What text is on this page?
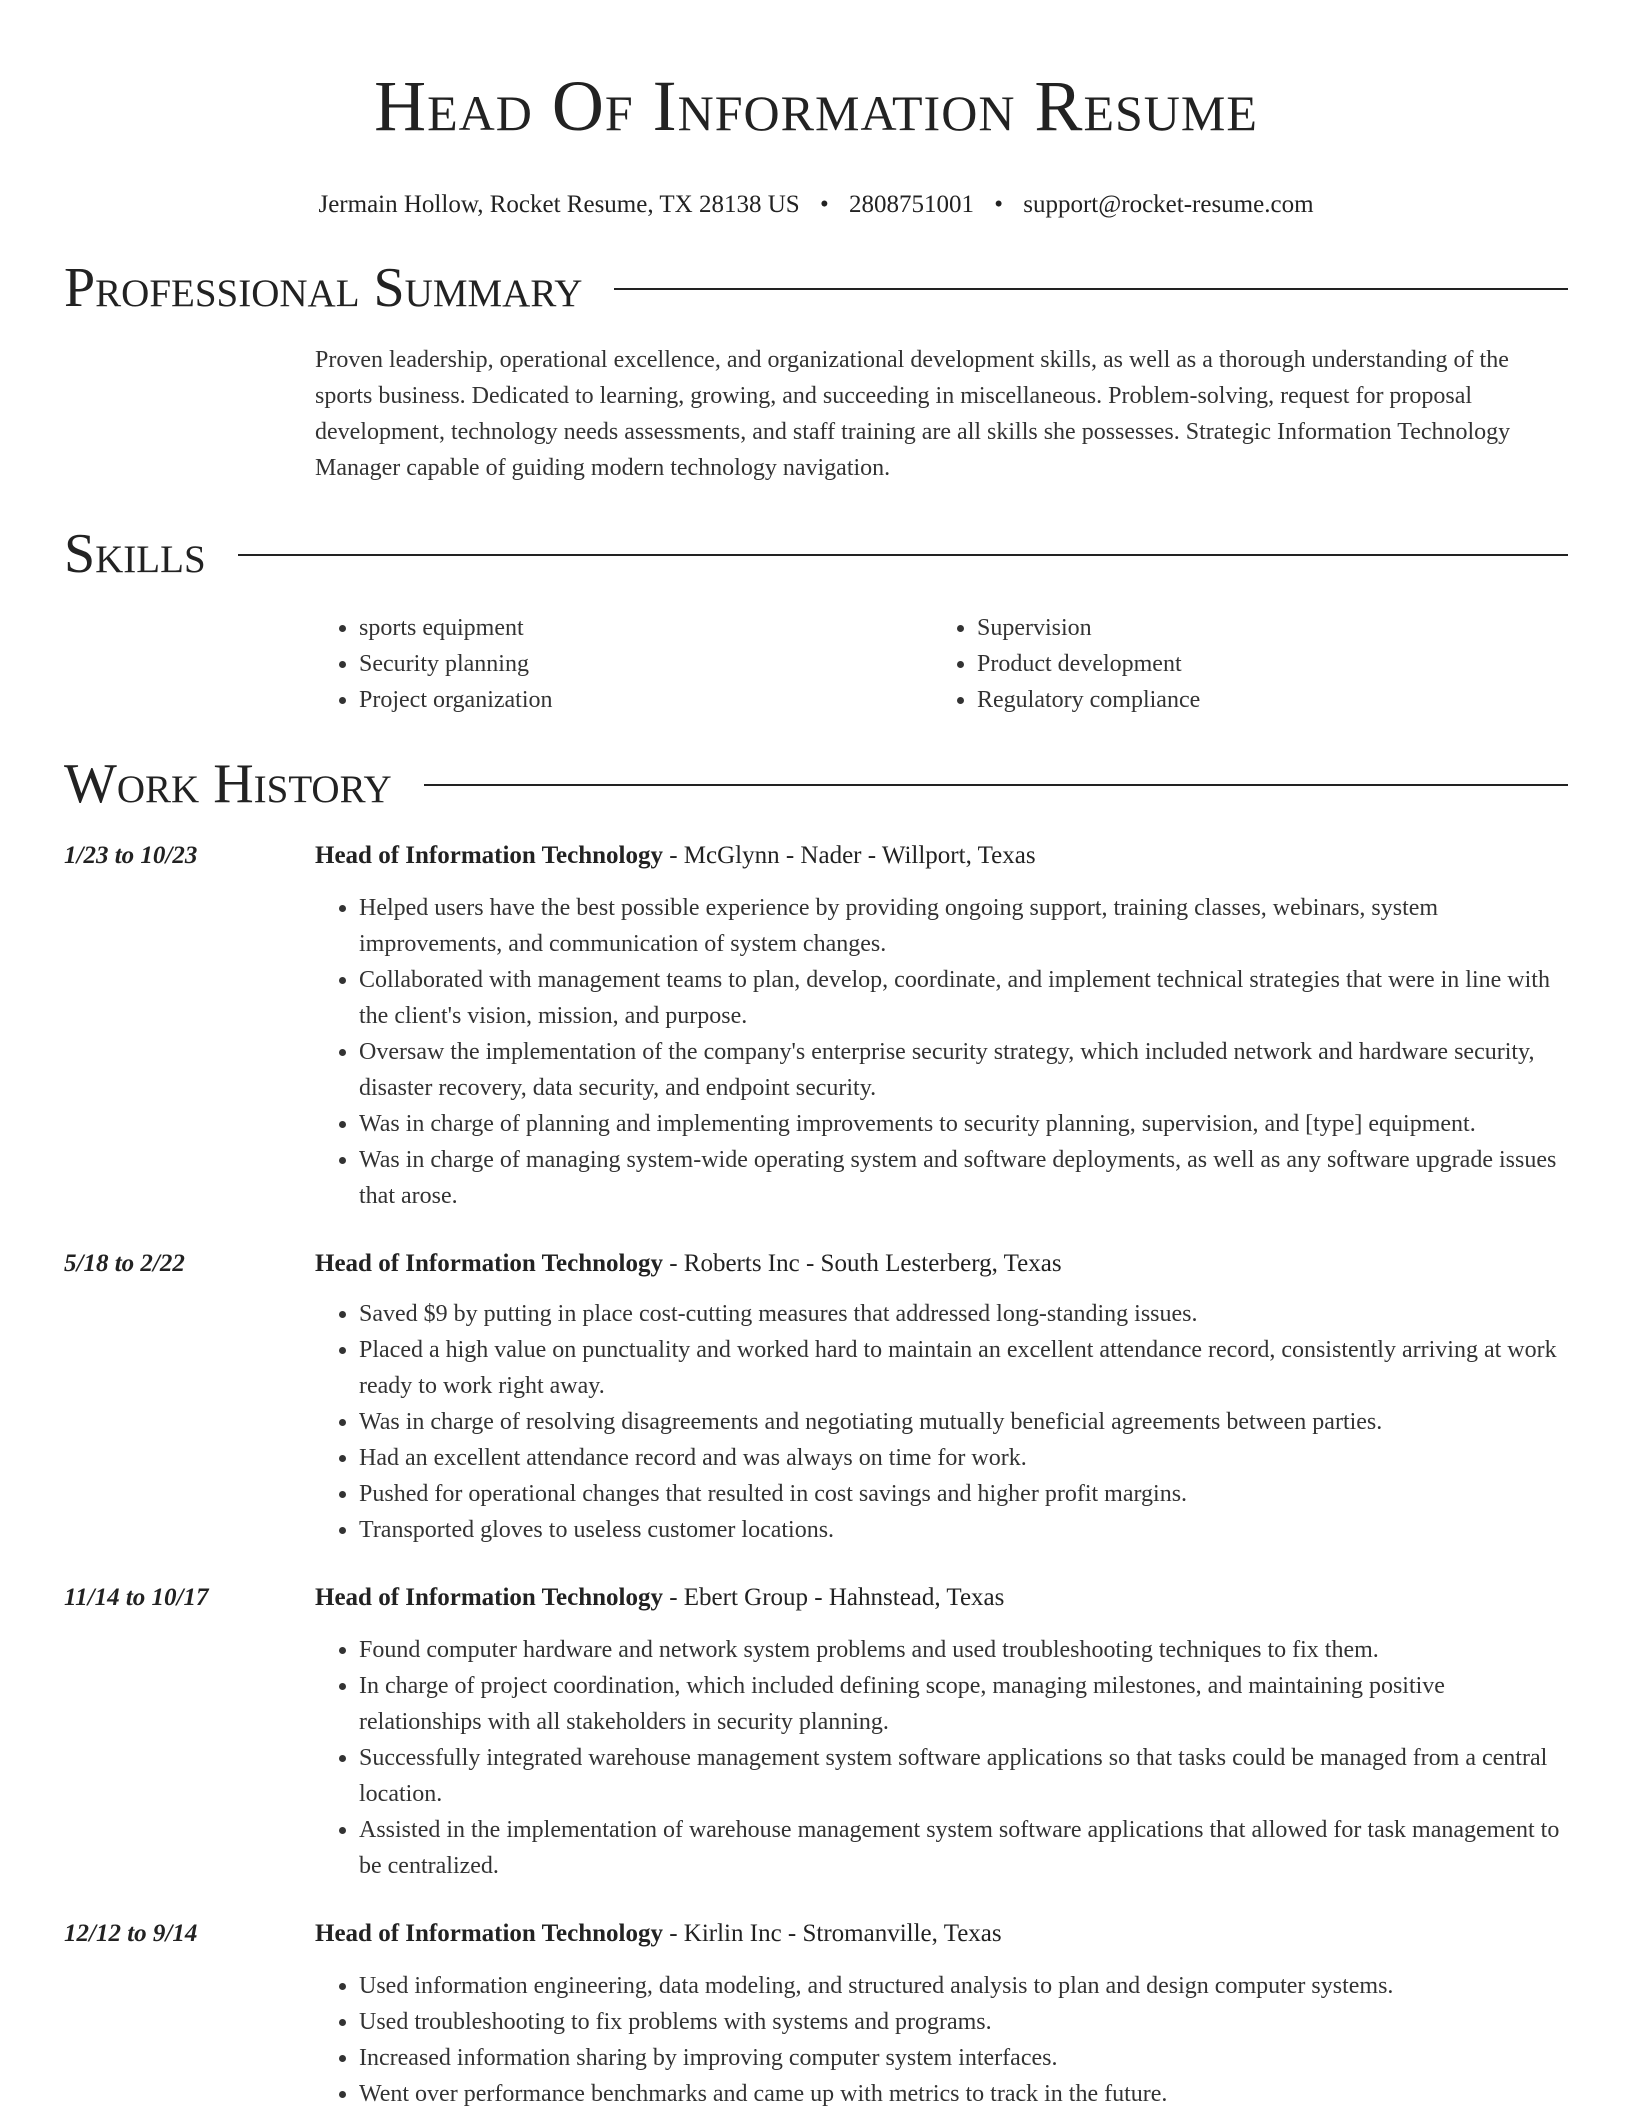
Head Of Information Resume
Jermain Hollow, Rocket Resume, TX 28138 US • 2808751001 • support@rocket-resume.com
Professional Summary
Proven leadership, operational excellence, and organizational development skills, as well as a thorough understanding of the sports business. Dedicated to learning, growing, and succeeding in miscellaneous. Problem-solving, request for proposal development, technology needs assessments, and staff training are all skills she possesses. Strategic Information Technology Manager capable of guiding modern technology navigation.
Skills
• sports equipment
• Security planning
• Project organization
• Supervision
• Product development
• Regulatory compliance
Work History
1/23 to 10/23	Head of Information Technology - McGlynn - Nader - Willport, Texas
• Helped users have the best possible experience by providing ongoing support, training classes, webinars, system improvements, and communication of system changes.
• Collaborated with management teams to plan, develop, coordinate, and implement technical strategies that were in line with the client's vision, mission, and purpose.
• Oversaw the implementation of the company's enterprise security strategy, which included network and hardware security, disaster recovery, data security, and endpoint security.
• Was in charge of planning and implementing improvements to security planning, supervision, and [type] equipment.
• Was in charge of managing system-wide operating system and software deployments, as well as any software upgrade issues that arose.
5/18 to 2/22	Head of Information Technology - Roberts Inc - South Lesterberg, Texas
• Saved $9 by putting in place cost-cutting measures that addressed long-standing issues.
• Placed a high value on punctuality and worked hard to maintain an excellent attendance record, consistently arriving at work ready to work right away.
• Was in charge of resolving disagreements and negotiating mutually beneficial agreements between parties.
• Had an excellent attendance record and was always on time for work.
• Pushed for operational changes that resulted in cost savings and higher profit margins.
• Transported gloves to useless customer locations.
11/14 to 10/17	Head of Information Technology - Ebert Group - Hahnstead, Texas
• Found computer hardware and network system problems and used troubleshooting techniques to fix them.
• In charge of project coordination, which included defining scope, managing milestones, and maintaining positive relationships with all stakeholders in security planning.
• Successfully integrated warehouse management system software applications so that tasks could be managed from a central location.
• Assisted in the implementation of warehouse management system software applications that allowed for task management to be centralized.
12/12 to 9/14	Head of Information Technology - Kirlin Inc - Stromanville, Texas
• Used information engineering, data modeling, and structured analysis to plan and design computer systems.
• Used troubleshooting to fix problems with systems and programs.
• Increased information sharing by improving computer system interfaces.
• Went over performance benchmarks and came up with metrics to track in the future.
